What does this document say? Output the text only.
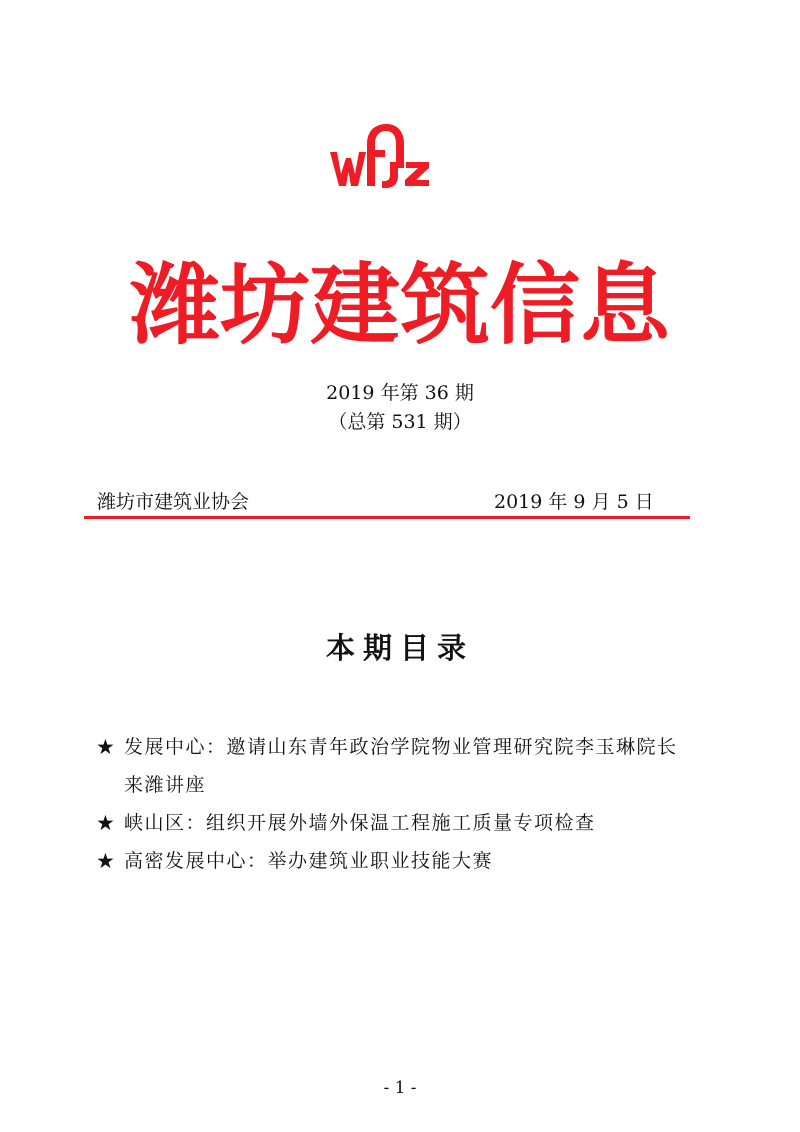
潍坊建筑信息
2019 年第 36 期
（总第 531 期）
潍坊市建筑业协会	2019 年 9 月 5 日
本期目录
★ 发展中心：邀请山东青年政治学院物业管理研究院李玉琳院长
来潍讲座
★ 峡山区：组织开展外墙外保温工程施工质量专项检查
★ 高密发展中心：举办建筑业职业技能大赛
- 1 -
